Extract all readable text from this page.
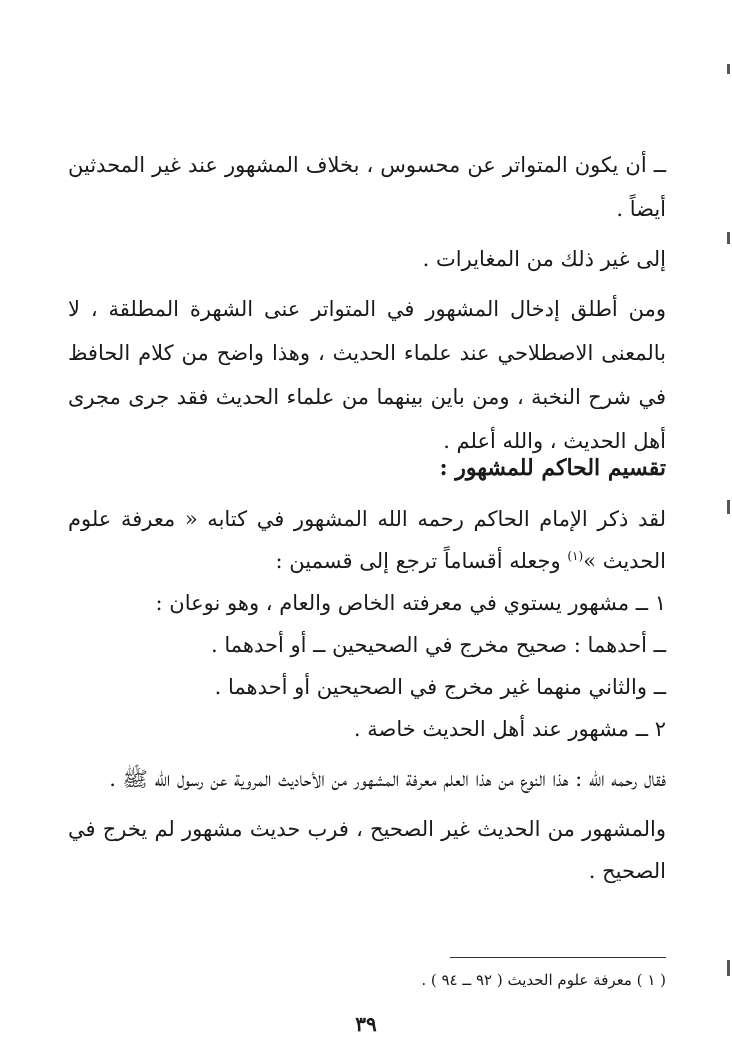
ــ أن يكون المتواتر عن محسوس ، بخلاف المشهور عند غير المحدثين أيضاً .

إلى غير ذلك من المغايرات .

ومن أطلق إدخال المشهور في المتواتر عنى الشهرة المطلقة ، لا بالمعنى الاصطلاحي عند علماء الحديث ، وهذا واضح من كلام الحافظ في شرح النخبة ، ومن باين بينهما من علماء الحديث فقد جرى مجرى أهل الحديث ، والله أعلم .

تقسيم الحاكم للمشهور :

لقد ذكر الإمام الحاكم رحمه الله المشهور في كتابه « معرفة علوم الحديث »$^{(١)}$ وجعله أقساماً ترجع إلى قسمين :

١ ــ مشهور يستوي في معرفته الخاص والعام ، وهو نوعان :

ــ أحدهما : صحيح مخرج في الصحيحين ــ أو أحدهما .

ــ والثاني منهما غير مخرج في الصحيحين أو أحدهما .

٢ ــ مشهور عند أهل الحديث خاصة .

فقال رحمه الله : هذا النوع من هذا العلم معرفة المشهور من الأحاديث المروية عن رسول الله ﷺ .

والمشهور من الحديث غير الصحيح ، فرب حديث مشهور لم يخرج في الصحيح .

( ١ ) معرفة علوم الحديث ( ٩٢ ــ ٩٤ ) .
٣٩
